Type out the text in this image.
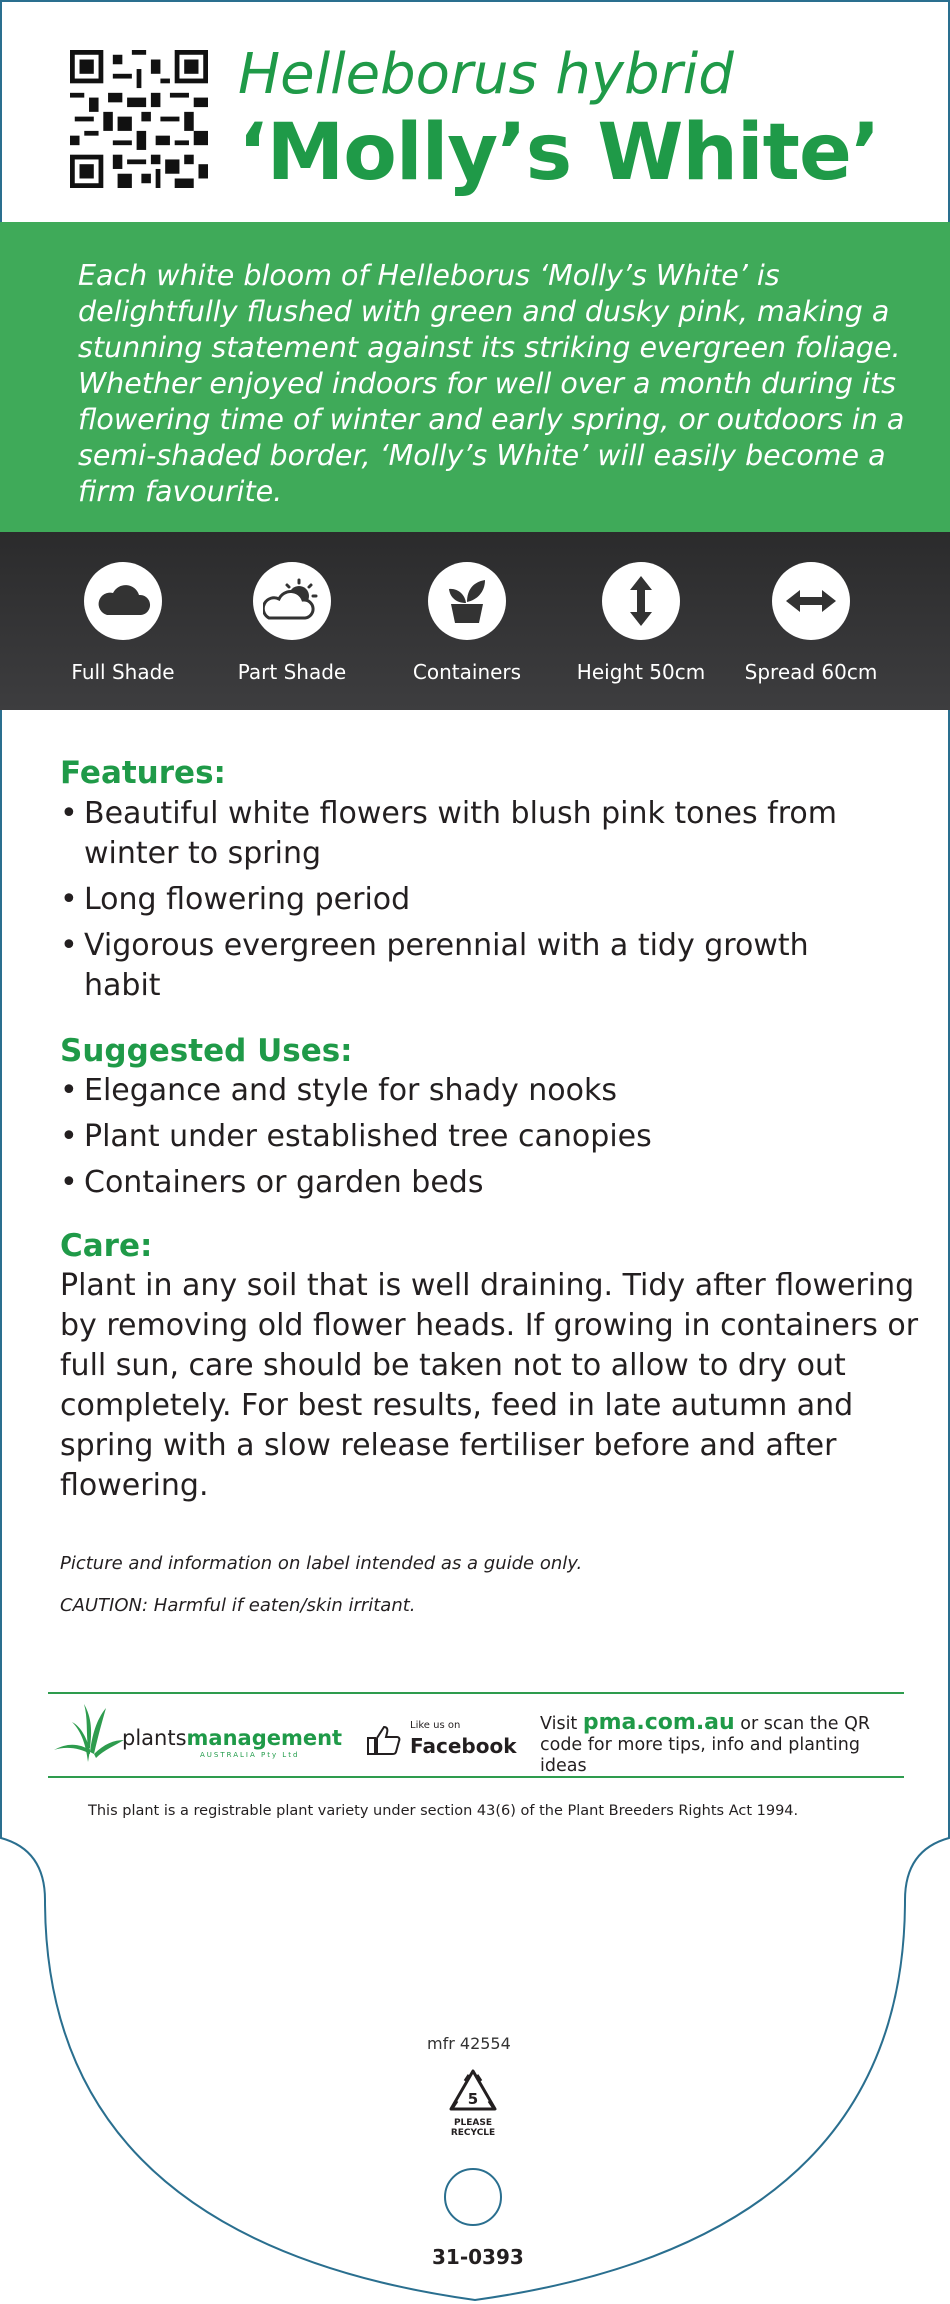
Helleborus hybrid
‘Molly’s White’
Each white bloom of Helleborus ‘Molly’s White’ is delightfully flushed with green and dusky pink, making a stunning statement against its striking evergreen foliage. Whether enjoyed indoors for well over a month during its flowering time of winter and early spring, or outdoors in a semi-shaded border, ‘Molly’s White’ will easily become a firm favourite.
Full Shade	Part Shade	Containers	Height 50cm	Spread 60cm
Features:
• Beautiful white flowers with blush pink tones from winter to spring
• Long flowering period
• Vigorous evergreen perennial with a tidy growth habit
Suggested Uses:
• Elegance and style for shady nooks
• Plant under established tree canopies
• Containers or garden beds
Care:
Plant in any soil that is well draining. Tidy after flowering by removing old flower heads. If growing in containers or full sun, care should be taken not to allow to dry out completely. For best results, feed in late autumn and spring with a slow release fertiliser before and after flowering.
Picture and information on label intended as a guide only.
CAUTION: Harmful if eaten/skin irritant.
plantsmanagement
AUSTRALIA Pty Ltd
Like us on
Facebook
Visit pma.com.au or scan the QR code for more tips, info and planting ideas
This plant is a registrable plant variety under section 43(6) of the Plant Breeders Rights Act 1994.
mfr 42554
5
PLEASE
RECYCLE
31-0393
